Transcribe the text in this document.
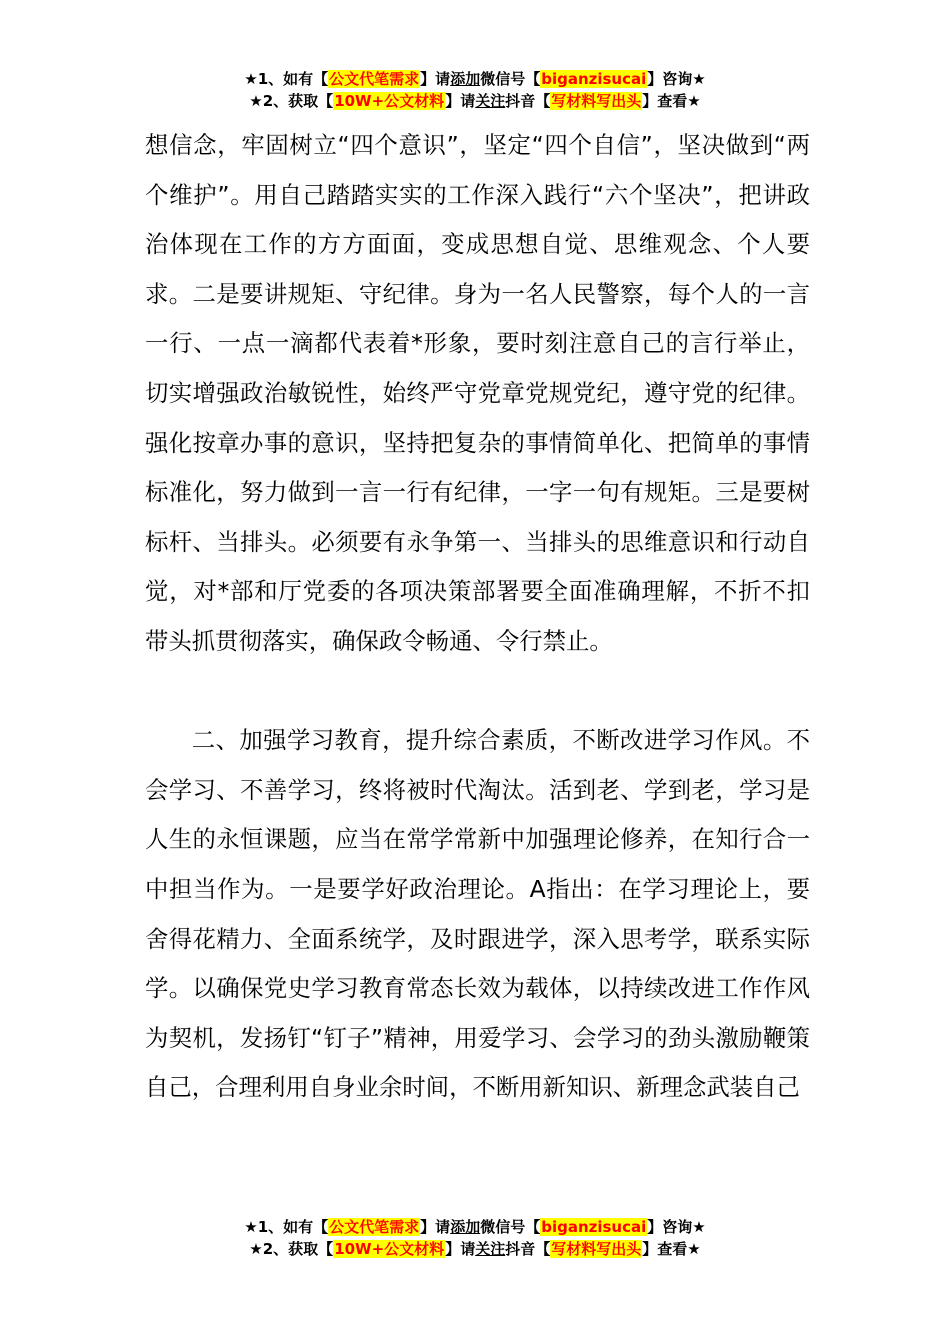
★1、如有【公文代笔需求】请添加微信号【biganzisucai】咨询★
★2、获取【10W+公文材料】请关注抖音【写材料写出头】查看★

想信念，牢固树立“四个意识”，坚定“四个自信”，坚决做到“两个维护”。用自己踏踏实实的工作深入践行“六个坚决”，把讲政治体现在工作的方方面面，变成思想自觉、思维观念、个人要求。二是要讲规矩、守纪律。身为一名人民警察，每个人的一言一行、一点一滴都代表着*形象，要时刻注意自己的言行举止，切实增强政治敏锐性，始终严守党章党规党纪，遵守党的纪律。强化按章办事的意识，坚持把复杂的事情简单化、把简单的事情标准化，努力做到一言一行有纪律，一字一句有规矩。三是要树标杆、当排头。必须要有永争第一、当排头的思维意识和行动自觉，对*部和厅党委的各项决策部署要全面准确理解，不折不扣带头抓贯彻落实，确保政令畅通、令行禁止。

二、加强学习教育，提升综合素质，不断改进学习作风。不会学习、不善学习，终将被时代淘汰。活到老、学到老，学习是人生的永恒课题，应当在常学常新中加强理论修养，在知行合一中担当作为。一是要学好政治理论。A指出：在学习理论上，要舍得花精力、全面系统学，及时跟进学，深入思考学，联系实际学。以确保党史学习教育常态长效为载体，以持续改进工作作风为契机，发扬钉“钉子”精神，用爱学习、会学习的劲头激励鞭策自己，合理利用自身业余时间，不断用新知识、新理念武装自己

★1、如有【公文代笔需求】请添加微信号【biganzisucai】咨询★
★2、获取【10W+公文材料】请关注抖音【写材料写出头】查看★
